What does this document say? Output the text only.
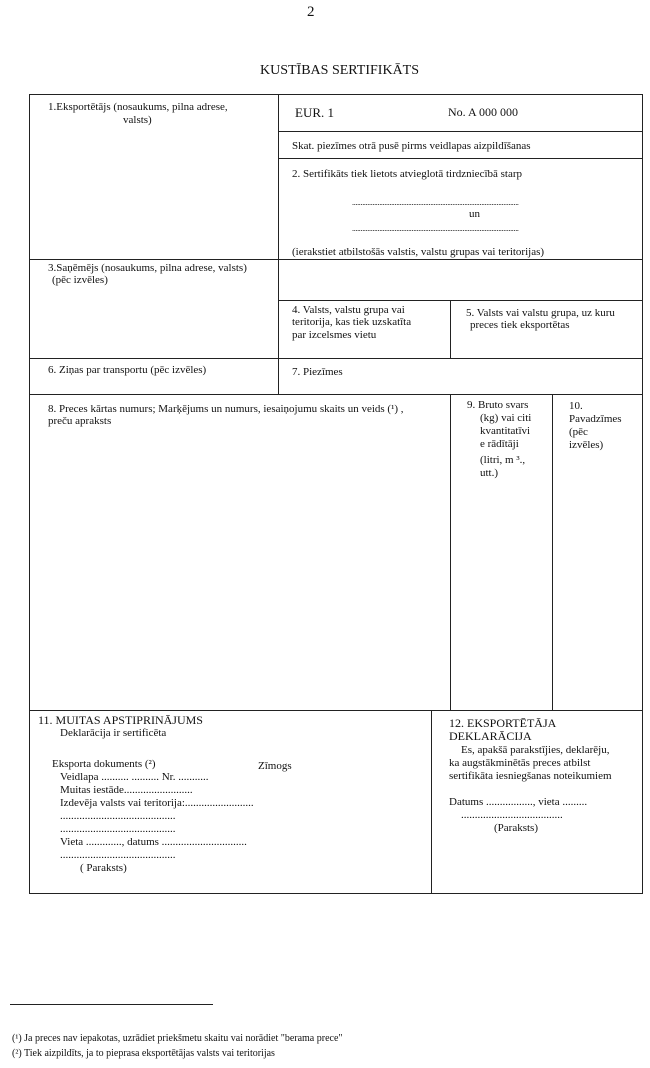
2
KUSTĪBAS SERTIFIKĀTS
1.Eksportētājs (nosaukums, pilna adrese,
valsts)	EUR. 1	No. A 000 000
Skat. piezīmes otrā pusē pirms veidlapas aizpildīšanas
2. Sertifikāts tiek lietots atvieglotā tirdzniecībā starp
..................................................................................................
un
..................................................................................................
(ierakstiet atbilstošās valstis, valstu grupas vai teritorijas)
3.Saņēmējs (nosaukums, pilna adrese, valsts)
(pēc izvēles)
4. Valsts, valstu grupa vai
teritorija, kas tiek uzskatīta
par izcelsmes vietu
5. Valsts vai valstu grupa, uz kuru
preces tiek eksportētas
6. Ziņas par transportu (pēc izvēles)	7. Piezīmes
8. Preces kārtas numurs; Marķējums un numurs, iesaiņojumu skaits un veids (¹) ,
preču apraksts
9. Bruto svars
(kg) vai citi
kvantitatīvi
e rādītāji
(litri, m ³.,
utt.)
10.
Pavadzīmes
(pēc
izvēles)
11. MUITAS APSTIPRINĀJUMS
Deklarācija ir sertificēta
Eksporta dokuments (²)	Zīmogs
Veidlapa .......... .......... Nr. ...........
Muitas iestāde.........................
Izdevēja valsts vai teritorija:.........................
..........................................
..........................................
Vieta ............., datums ...............................
..........................................
( Paraksts)
12. EKSPORTĒTĀJA
DEKLARĀCIJA
Es, apakšā parakstījies, deklarēju,
ka augstākminētās preces atbilst
sertifikāta iesniegšanas noteikumiem
Datums ................., vieta .........
.....................................
(Paraksts)
(¹) Ja preces nav iepakotas, uzrādiet priekšmetu skaitu vai norādiet "berama prece"
(²) Tiek aizpildīts, ja to pieprasa eksportētājas valsts vai teritorijas
